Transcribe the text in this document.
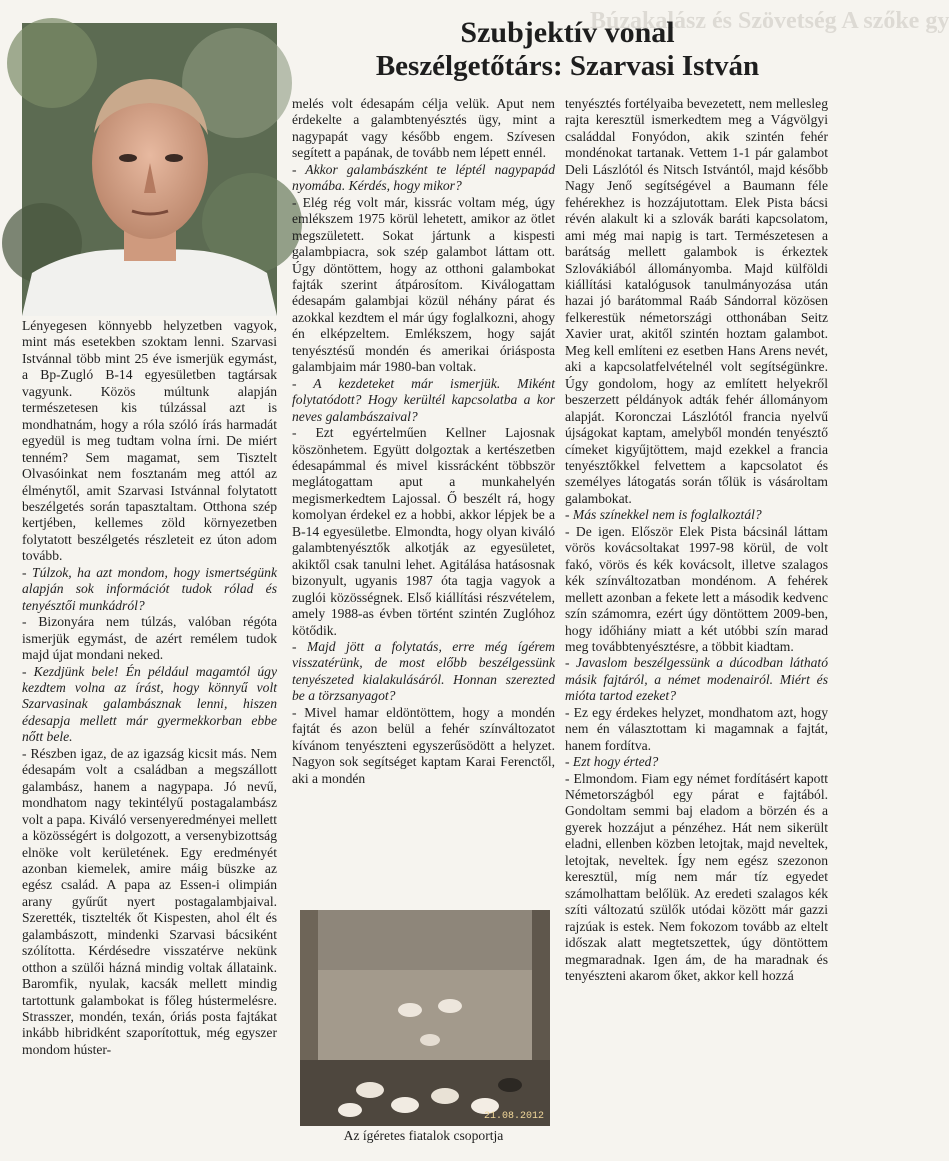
Búzakalász és Szövetség A szőke gy
Szubjektív vonal
Beszélgetőtárs: Szarvasi István

Lényegesen könnyebb helyzetben vagyok, mint más esetekben szoktam lenni. Szarvasi Istvánnal több mint 25 éve ismerjük egymást, a Bp-Zugló B-14 egyesületben tagtársak vagyunk. Közös múltunk alapján természetesen kis túlzással azt is mondhatnám, hogy a róla szóló írás harmadát egyedül is meg tudtam volna írni. De miért tenném? Sem magamat, sem Tisztelt Olvasóinkat nem fosztanám meg attól az élménytől, amit Szarvasi Istvánnal folytatott beszélgetés során tapasztaltam. Otthona szép kertjében, kellemes zöld környezetben folytatott beszélgetés részleteit ez úton adom tovább.

- Túlzok, ha azt mondom, hogy ismertségünk alapján sok információt tudok rólad és tenyésztői munkádról?

- Bizonyára nem túlzás, valóban régóta ismerjük egymást, de azért remélem tudok majd újat mondani neked.

- Kezdjünk bele! Én például magamtól úgy kezdtem volna az írást, hogy könnyű volt Szarvasinak galambásznak lenni, hiszen édesapja mellett már gyermekkorban ebbe nőtt bele.

- Részben igaz, de az igazság kicsit más. Nem édesapám volt a családban a megszállott galambász, hanem a nagypapa. Jó nevű, mondhatom nagy tekintélyű postagalambász volt a papa. Kiváló versenyeredményei mellett a közösségért is dolgozott, a versenybizottság elnöke volt kerületének. Egy eredményét azonban kiemelek, amire máig büszke az egész család. A papa az Essen-i olimpián arany gyűrűt nyert postagalambjaival. Szerették, tisztelték őt Kispesten, ahol élt és galambászott, mindenki Szarvasi bácsiként szólította. Kérdésedre visszatérve nekünk otthon a szülői házná mindig voltak állataink. Baromfik, nyulak, kacsák mellett mindig tartottunk galambokat is főleg hústermelésre. Strasszer, mondén, texán, óriás posta fajtákat inkább hibridként szaporítottuk, még egyszer mondom húster-

melés volt édesapám célja velük. Aput nem érdekelte a galambtenyésztés ügy, mint a nagypapát vagy később engem. Szívesen segített a papának, de tovább nem lépett ennél.

- Akkor galambászként te léptél nagypapád nyomába. Kérdés, hogy mikor?

- Elég rég volt már, kissrác voltam még, úgy emlékszem 1975 körül lehetett, amikor az ötlet megszületett. Sokat jártunk a kispesti galambpiacra, sok szép galambot láttam ott. Úgy döntöttem, hogy az otthoni galambokat fajták szerint átpárosítom. Kiválogattam édesapám galambjai közül néhány párat és azokkal kezdtem el már úgy foglalkozni, ahogy én elképzeltem. Emlékszem, hogy saját tenyésztésű mondén és amerikai óriásposta galambjaim már 1980-ban voltak.

- A kezdeteket már ismerjük. Miként folytatódott? Hogy kerültél kapcsolatba a kor neves galambászaival?

- Ezt egyértelműen Kellner Lajosnak köszönhetem. Együtt dolgoztak a kertészetben édesapámmal és mivel kissrácként többször meglátogattam aput a munkahelyén megismerkedtem Lajossal. Ő beszélt rá, hogy komolyan érdekel ez a hobbi, akkor lépjek be a B-14 egyesületbe. Elmondta, hogy olyan kiváló galambtenyésztők alkotják az egyesületet, akiktől csak tanulni lehet. Agitálása hatásosnak bizonyult, ugyanis 1987 óta tagja vagyok a zuglói közösségnek. Első kiállítási részvételem, amely 1988-as évben történt szintén Zuglóhoz kötődik.

- Majd jött a folytatás, erre még ígérem visszatérünk, de most előbb beszélgessünk tenyészeted kialakulásáról. Honnan szerezted be a törzsanyagot?

- Mivel hamar eldöntöttem, hogy a mondén fajtát és azon belül a fehér színváltozatot kívánom tenyészteni egyszerűsödött a helyzet. Nagyon sok segítséget kaptam Karai Ferenctől, aki a mondén

tenyésztés fortélyaiba bevezetett, nem mellesleg rajta keresztül ismerkedtem meg a Vágvölgyi családdal Fonyódon, akik szintén fehér mondénokat tartanak. Vettem 1-1 pár galambot Deli Lászlótól és Nitsch Istvántól, majd később Nagy Jenő segítségével a Baumann féle fehérekhez is hozzájutottam. Elek Pista bácsi révén alakult ki a szlovák baráti kapcsolatom, ami még mai napig is tart. Természetesen a barátság mellett galambok is érkeztek Szlovákiából állományomba. Majd külföldi kiállítási katalógusok tanulmányozása után hazai jó barátommal Raáb Sándorral közösen felkerestük németországi otthonában Seitz Xavier urat, akitől szintén hoztam galambot. Meg kell említeni ez esetben Hans Arens nevét, aki a kapcsolatfelvételnél volt segítségünkre. Úgy gondolom, hogy az említett helyekről beszerzett példányok adták fehér állományom alapját. Koronczai Lászlótól francia nyelvű újságokat kaptam, amelyből mondén tenyésztő címeket kigyűjtöttem, majd ezekkel a francia tenyésztőkkel felvettem a kapcsolatot és személyes látogatás során tőlük is vásároltam galambokat.

- Más színekkel nem is foglalkoztál?

- De igen. Először Elek Pista bácsinál láttam vörös kovácsoltakat 1997-98 körül, de volt fakó, vörös és kék kovácsolt, illetve szalagos kék színváltozatban mondénom. A fehérek mellett azonban a fekete lett a második kedvenc szín számomra, ezért úgy döntöttem 2009-ben, hogy időhiány miatt a két utóbbi szín marad meg továbbtenyésztésre, a többit kiadtam.

- Javaslom beszélgessünk a dúcodban látható másik fajtáról, a német modenairól. Miért és mióta tartod ezeket?

- Ez egy érdekes helyzet, mondhatom azt, hogy nem én választottam ki magamnak a fajtát, hanem fordítva.

- Ezt hogy érted?

- Elmondom. Fiam egy német fordításért kapott Németországból egy párat e fajtából. Gondoltam semmi baj eladom a börzén és a gyerek hozzájut a pénzéhez. Hát nem sikerült eladni, ellenben közben letojtak, majd neveltek, letojtak, neveltek. Így nem egész szezonon keresztül, míg nem már tíz egyedet számolhattam belőlük. Az eredeti szalagos kék szíti változatú szülők utódai között már gazzi rajzúak is estek. Nem fokozom tovább az eltelt időszak alatt megtetszettek, úgy döntöttem megmaradnak. Igen ám, de ha maradnak és tenyészteni akarom őket, akkor kell hozzá

21.08.2012
Az ígéretes fiatalok csoportja
